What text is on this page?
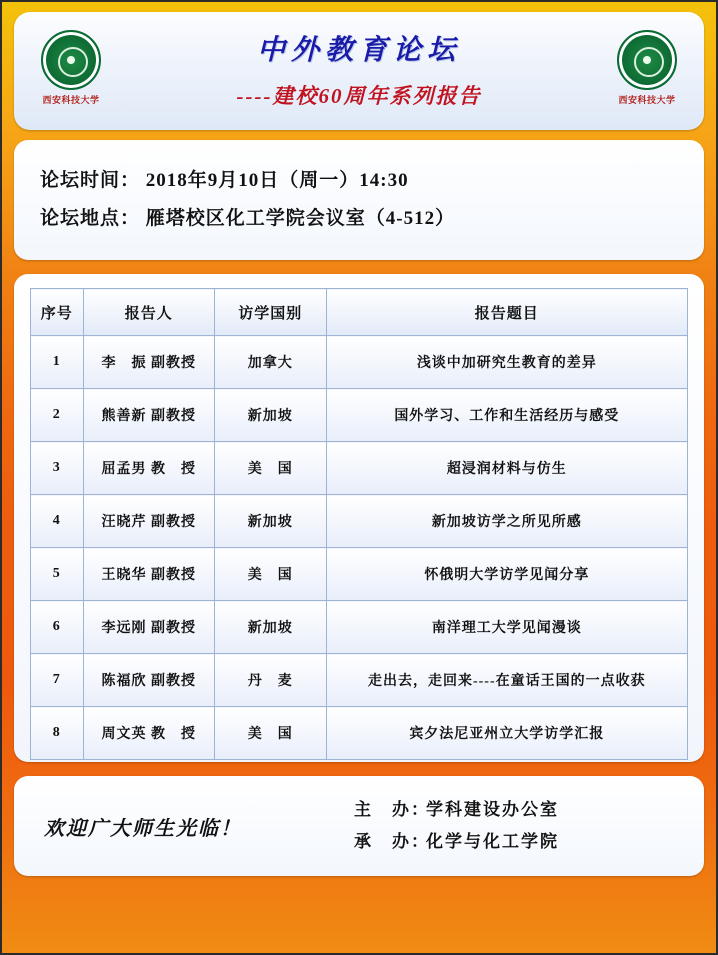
西安科技大学
中外教育论坛
----建校60周年系列报告	西安科技大学
论坛时间： 2018年9月10日（周一）14:30
论坛地点： 雁塔校区化工学院会议室（4-512）
序号	报告人	访学国别	报告题目
1	李　振 副教授	加拿大	浅谈中加研究生教育的差异
2	熊善新 副教授	新加坡	国外学习、工作和生活经历与感受
3	屈孟男 教　授	美　国	超浸润材料与仿生
4	汪晓芹 副教授	新加坡	新加坡访学之所见所感
5	王晓华 副教授	美　国	怀俄明大学访学见闻分享
6	李远刚 副教授	新加坡	南洋理工大学见闻漫谈
7	陈福欣 副教授	丹　麦	走出去，走回来----在童话王国的一点收获
8	周文英 教　授	美　国	宾夕法尼亚州立大学访学汇报
欢迎广大师生光临！
主　办：学科建设办公室
承　办：化学与化工学院
